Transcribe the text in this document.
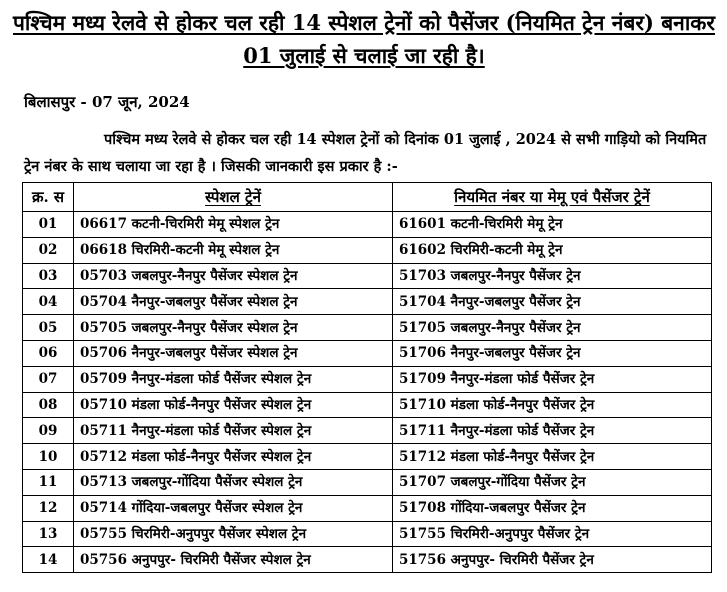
पश्चिम मध्य रेलवे से होकर चल रही 14 स्पेशल ट्रेनों को पैसेंजर (नियमित ट्रेन नंबर) बनाकर 01 जुलाई से चलाई जा रही है।
बिलासपुर - 07 जून, 2024
पश्चिम मध्य रेलवे से होकर चल रही 14 स्पेशल ट्रेनों को दिनांक 01 जुलाई , 2024 से सभी गाड़ियो को नियमित ट्रेन नंबर के साथ चलाया जा रहा है । जिसकी जानकारी इस प्रकार है :-
क्र. स	स्पेशल ट्रेनें	नियमित नंबर या मेमू एवं पैसेंजर ट्रेनें
01	06617 कटनी-चिरमिरी मेमू स्पेशल ट्रेन	61601 कटनी-चिरमिरी मेमू ट्रेन
02	06618 चिरमिरी-कटनी मेमू स्पेशल ट्रेन	61602 चिरमिरी-कटनी मेमू ट्रेन
03	05703 जबलपुर-नैनपुर पैसेंजर स्पेशल ट्रेन	51703 जबलपुर-नैनपुर पैसेंजर ट्रेन
04	05704 नैनपुर-जबलपुर पैसेंजर स्पेशल ट्रेन	51704 नैनपुर-जबलपुर पैसेंजर ट्रेन
05	05705 जबलपुर-नैनपुर पैसेंजर स्पेशल ट्रेन	51705 जबलपुर-नैनपुर पैसेंजर ट्रेन
06	05706 नैनपुर-जबलपुर पैसेंजर स्पेशल ट्रेन	51706 नैनपुर-जबलपुर पैसेंजर ट्रेन
07	05709 नैनपुर-मंडला फोर्ड पैसेंजर स्पेशल ट्रेन	51709 नैनपुर-मंडला फोर्ड पैसेंजर ट्रेन
08	05710 मंडला फोर्ड-नैनपुर पैसेंजर स्पेशल ट्रेन	51710 मंडला फोर्ड-नैनपुर पैसेंजर ट्रेन
09	05711 नैनपुर-मंडला फोर्ड पैसेंजर स्पेशल ट्रेन	51711 नैनपुर-मंडला फोर्ड पैसेंजर ट्रेन
10	05712 मंडला फोर्ड-नैनपुर पैसेंजर स्पेशल ट्रेन	51712 मंडला फोर्ड-नैनपुर पैसेंजर ट्रेन
11	05713 जबलपुर-गोंदिया पैसेंजर स्पेशल ट्रेन	51707 जबलपुर-गोंदिया पैसेंजर ट्रेन
12	05714 गोंदिया-जबलपुर पैसेंजर स्पेशल ट्रेन	51708 गोंदिया-जबलपुर पैसेंजर ट्रेन
13	05755 चिरमिरी-अनुपपुर पैसेंजर स्पेशल ट्रेन	51755 चिरमिरी-अनुपपुर पैसेंजर ट्रेन
14	05756 अनुपपुर- चिरमिरी पैसेंजर स्पेशल ट्रेन	51756 अनुपपुर- चिरमिरी पैसेंजर ट्रेन
